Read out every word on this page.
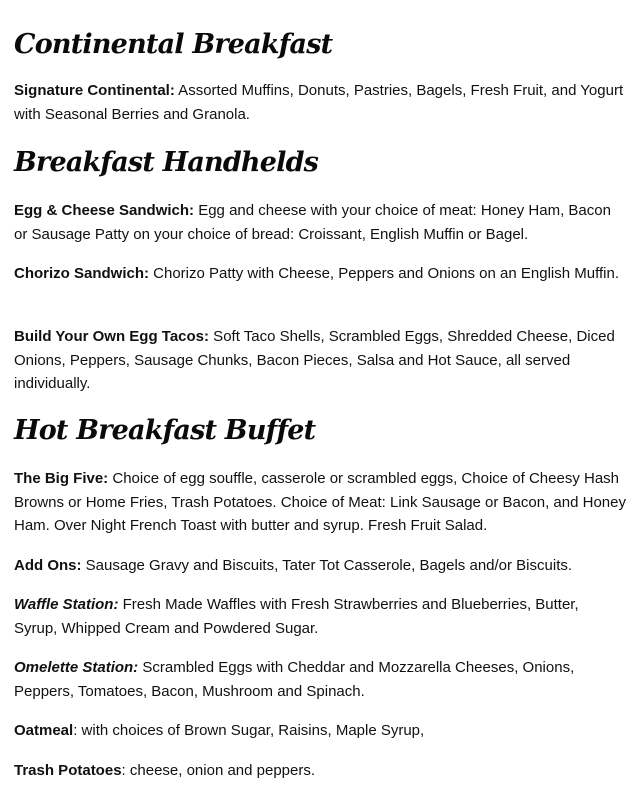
Continental Breakfast

Signature Continental: Assorted Muffins, Donuts, Pastries, Bagels, Fresh Fruit, and Yogurt with Seasonal Berries and Granola.

Breakfast Handhelds

Egg & Cheese Sandwich: Egg and cheese with your choice of meat: Honey Ham, Bacon or Sausage Patty on your choice of bread: Croissant, English Muffin or Bagel.

Chorizo Sandwich: Chorizo Patty with Cheese, Peppers and Onions on an English Muffin.

Build Your Own Egg Tacos: Soft Taco Shells, Scrambled Eggs, Shredded Cheese, Diced Onions, Peppers, Sausage Chunks, Bacon Pieces, Salsa and Hot Sauce, all served individually.

Hot Breakfast Buffet

The Big Five: Choice of egg souffle, casserole or scrambled eggs, Choice of Cheesy Hash Browns or Home Fries, Trash Potatoes. Choice of Meat: Link Sausage or Bacon, and Honey Ham. Over Night French Toast with butter and syrup. Fresh Fruit Salad.

Add Ons: Sausage Gravy and Biscuits, Tater Tot Casserole, Bagels and/or Biscuits.

Waffle Station: Fresh Made Waffles with Fresh Strawberries and Blueberries, Butter, Syrup, Whipped Cream and Powdered Sugar.

Omelette Station: Scrambled Eggs with Cheddar and Mozzarella Cheeses, Onions, Peppers, Tomatoes, Bacon, Mushroom and Spinach.

Oatmeal: with choices of Brown Sugar, Raisins, Maple Syrup,

Trash Potatoes: cheese, onion and peppers.
